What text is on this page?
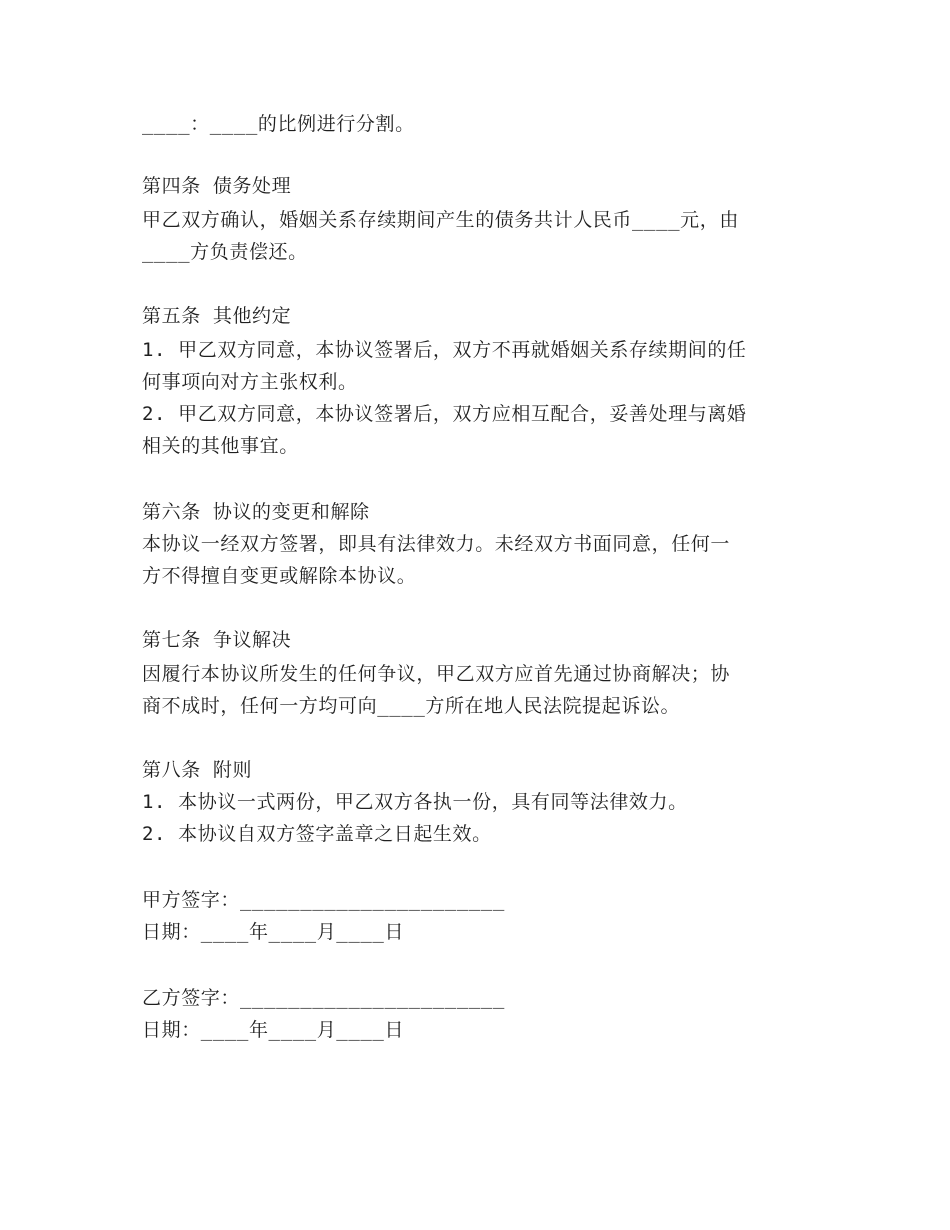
____：____的比例进行分割。
第四条 债务处理
甲乙双方确认，婚姻关系存续期间产生的债务共计人民币____元，由
____方负责偿还。
第五条 其他约定
1. 甲乙双方同意，本协议签署后，双方不再就婚姻关系存续期间的任
何事项向对方主张权利。
2. 甲乙双方同意，本协议签署后，双方应相互配合，妥善处理与离婚
相关的其他事宜。
第六条 协议的变更和解除
本协议一经双方签署，即具有法律效力。未经双方书面同意，任何一
方不得擅自变更或解除本协议。
第七条 争议解决
因履行本协议所发生的任何争议，甲乙双方应首先通过协商解决；协
商不成时，任何一方均可向____方所在地人民法院提起诉讼。
第八条 附则
1. 本协议一式两份，甲乙双方各执一份，具有同等法律效力。
2. 本协议自双方签字盖章之日起生效。
甲方签字：______________________
日期：____年____月____日
乙方签字：______________________
日期：____年____月____日
